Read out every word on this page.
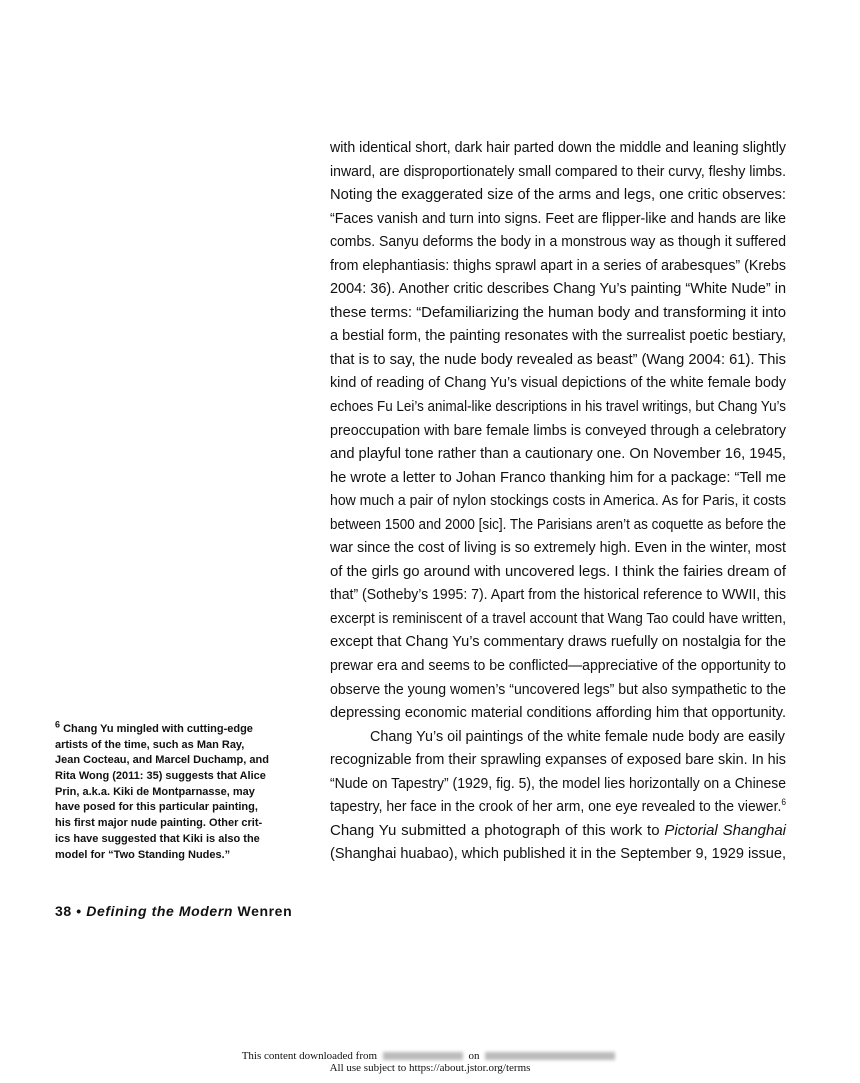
with identical short, dark hair parted down the middle and leaning slightly
inward, are disproportionately small compared to their curvy, fleshy limbs.
Noting the exaggerated size of the arms and legs, one critic observes:
“Faces vanish and turn into signs. Feet are flipper-like and hands are like
combs. Sanyu deforms the body in a monstrous way as though it suffered
from elephantiasis: thighs sprawl apart in a series of arabesques” (Krebs
2004: 36). Another critic describes Chang Yu’s painting “White Nude” in
these terms: “Defamiliarizing the human body and transforming it into
a bestial form, the painting resonates with the surrealist poetic bestiary,
that is to say, the nude body revealed as beast” (Wang 2004: 61). This
kind of reading of Chang Yu’s visual depictions of the white female body
echoes Fu Lei’s animal-like descriptions in his travel writings, but Chang Yu’s
preoccupation with bare female limbs is conveyed through a celebratory
and playful tone rather than a cautionary one. On November 16, 1945,
he wrote a letter to Johan Franco thanking him for a package: “Tell me
how much a pair of nylon stockings costs in America. As for Paris, it costs
between 1500 and 2000 [sic]. The Parisians aren’t as coquette as before the
war since the cost of living is so extremely high. Even in the winter, most
of the girls go around with uncovered legs. I think the fairies dream of
that” (Sotheby’s 1995: 7). Apart from the historical reference to WWII, this
excerpt is reminiscent of a travel account that Wang Tao could have written,
except that Chang Yu’s commentary draws ruefully on nostalgia for the
prewar era and seems to be conflicted—appreciative of the opportunity to
observe the young women’s “uncovered legs” but also sympathetic to the
depressing economic material conditions affording him that opportunity.
Chang Yu’s oil paintings of the white female nude body are easily
recognizable from their sprawling expanses of exposed bare skin. In his
“Nude on Tapestry” (1929, fig. 5), the model lies horizontally on a Chinese
tapestry, her face in the crook of her arm, one eye revealed to the viewer.$^6$
Chang Yu submitted a photograph of this work to Pictorial Shanghai
(Shanghai huabao), which published it in the September 9, 1929 issue,
$^6$ Chang Yu mingled with cutting-edge
artists of the time, such as Man Ray,
Jean Cocteau, and Marcel Duchamp, and
Rita Wong (2011: 35) suggests that Alice
Prin, a.k.a. Kiki de Montparnasse, may
have posed for this particular painting,
his first major nude painting. Other crit-
ics have suggested that Kiki is also the
model for “Two Standing Nudes.”
38 • Defining the Modern Wenren
This content downloaded from	on
All use subject to https://about.jstor.org/terms
